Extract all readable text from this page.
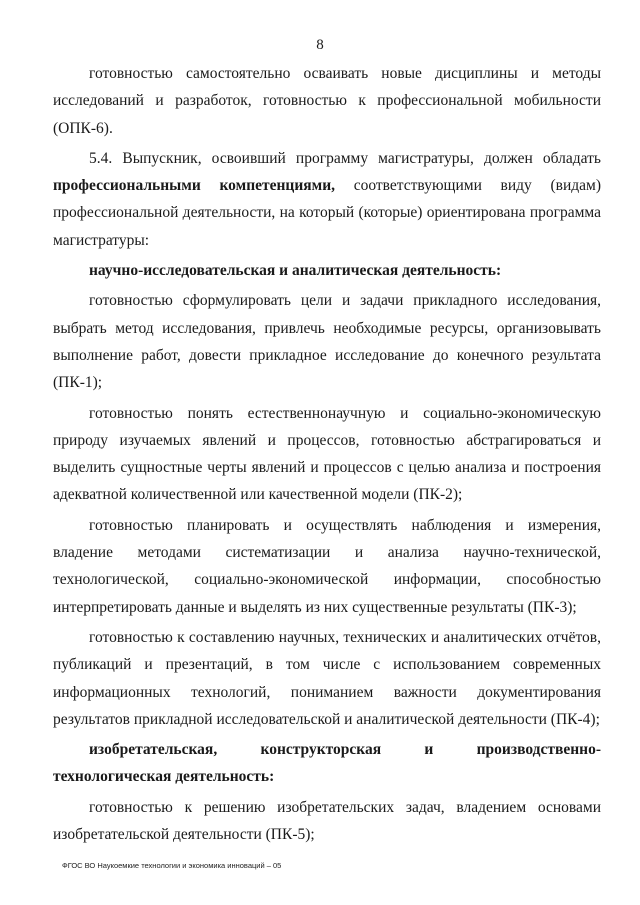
8

готовностью самостоятельно осваивать новые дисциплины и методы исследований и разработок, готовностью к профессиональной мобильности (ОПК-6).

5.4. Выпускник, освоивший программу магистратуры, должен обладать профессиональными компетенциями, соответствующими виду (видам) профессиональной деятельности, на который (которые) ориентирована программа магистратуры:

научно-исследовательская и аналитическая деятельность:

готовностью сформулировать цели и задачи прикладного исследования, выбрать метод исследования, привлечь необходимые ресурсы, организовывать выполнение работ, довести прикладное исследование до конечного результата (ПК-1);

готовностью понять естественнонаучную и социально-экономическую природу изучаемых явлений и процессов, готовностью абстрагироваться и выделить сущностные черты явлений и процессов с целью анализа и построения адекватной количественной или качественной модели (ПК-2);

готовностью планировать и осуществлять наблюдения и измерения, владение методами систематизации и анализа научно-технической, технологической, социально-экономической информации, способностью интерпретировать данные и выделять из них существенные результаты (ПК-3);

готовностью к составлению научных, технических и аналитических отчётов, публикаций и презентаций, в том числе с использованием современных информационных технологий, пониманием важности документирования результатов прикладной исследовательской и аналитической деятельности (ПК-4);

изобретательская, конструкторская и производственно-технологическая деятельность:

готовностью к решению изобретательских задач, владением основами изобретательской деятельности (ПК-5);

ФГОС ВО Наукоемкие технологии и экономика инноваций – 05
